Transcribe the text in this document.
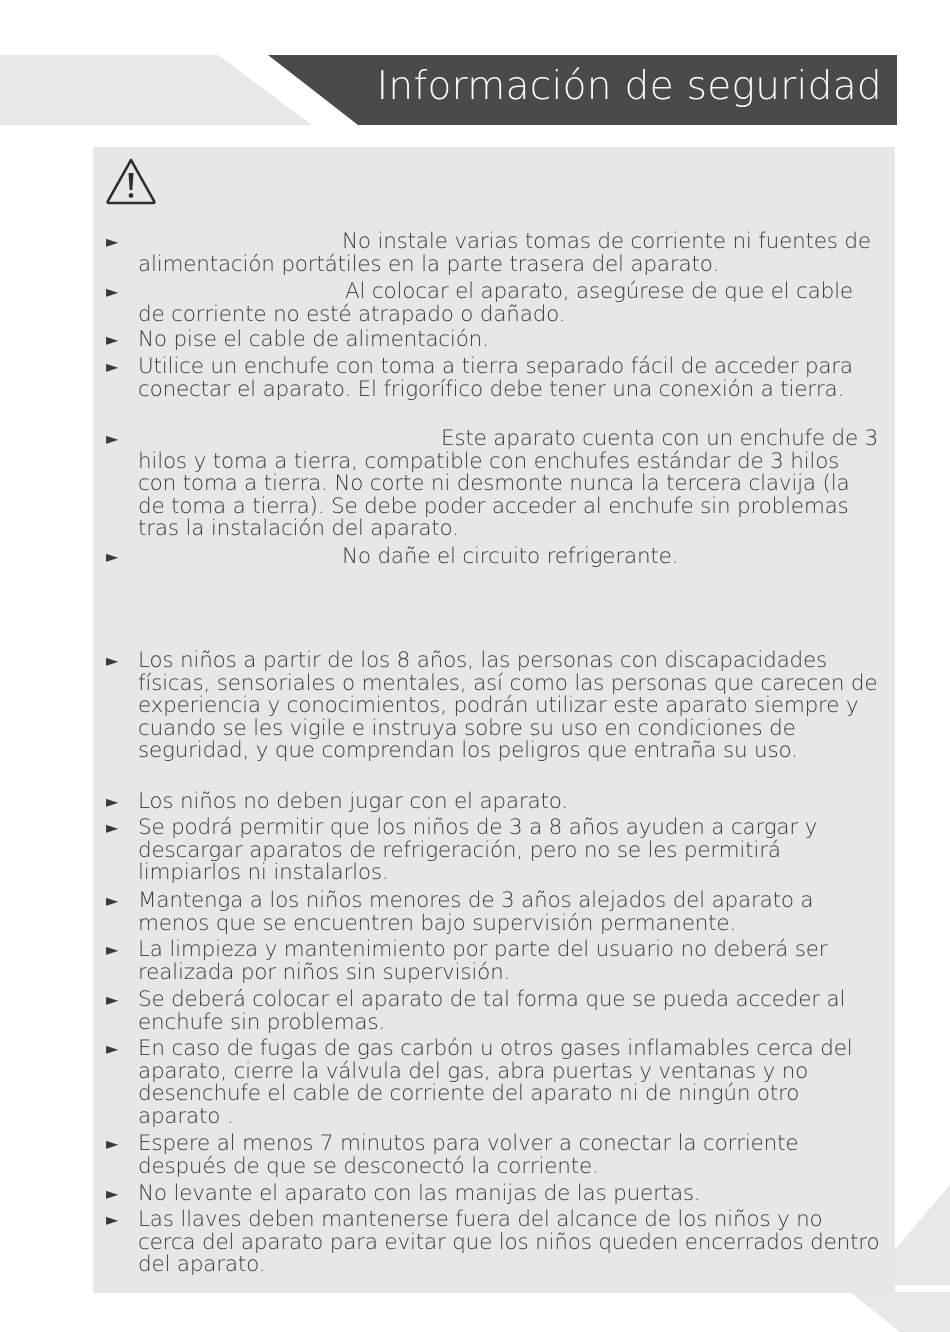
Información de seguridad
►	No instale varias tomas de corriente ni fuentes de alimentación portátiles en la parte trasera del aparato.
►	Al colocar el aparato, asegúrese de que el cable de corriente no esté atrapado o dañado.
► No pise el cable de alimentación.
► Utilice un enchufe con toma a tierra separado fácil de acceder para conectar el aparato. El frigorífico debe tener una conexión a tierra.
►	Este aparato cuenta con un enchufe de 3 hilos y toma a tierra, compatible con enchufes estándar de 3 hilos con toma a tierra. No corte ni desmonte nunca la tercera clavija (la de toma a tierra). Se debe poder acceder al enchufe sin problemas tras la instalación del aparato.
►	No dañe el circuito refrigerante.
► Los niños a partir de los 8 años, las personas con discapacidades físicas, sensoriales o mentales, así como las personas que carecen de experiencia y conocimientos, podrán utilizar este aparato siempre y cuando se les vigile e instruya sobre su uso en condiciones de seguridad, y que comprendan los peligros que entraña su uso.
► Los niños no deben jugar con el aparato.
► Se podrá permitir que los niños de 3 a 8 años ayuden a cargar y descargar aparatos de refrigeración, pero no se les permitirá limpiarlos ni instalarlos.
► Mantenga a los niños menores de 3 años alejados del aparato a menos que se encuentren bajo supervisión permanente.
► La limpieza y mantenimiento por parte del usuario no deberá ser realizada por niños sin supervisión.
► Se deberá colocar el aparato de tal forma que se pueda acceder al enchufe sin problemas.
► En caso de fugas de gas carbón u otros gases inflamables cerca del aparato, cierre la válvula del gas, abra puertas y ventanas y no desenchufe el cable de corriente del aparato ni de ningún otro aparato .
► Espere al menos 7 minutos para volver a conectar la corriente después de que se desconectó la corriente.
► No levante el aparato con las manijas de las puertas.
► Las llaves deben mantenerse fuera del alcance de los niños y no cerca del aparato para evitar que los niños queden encerrados dentro del aparato.
